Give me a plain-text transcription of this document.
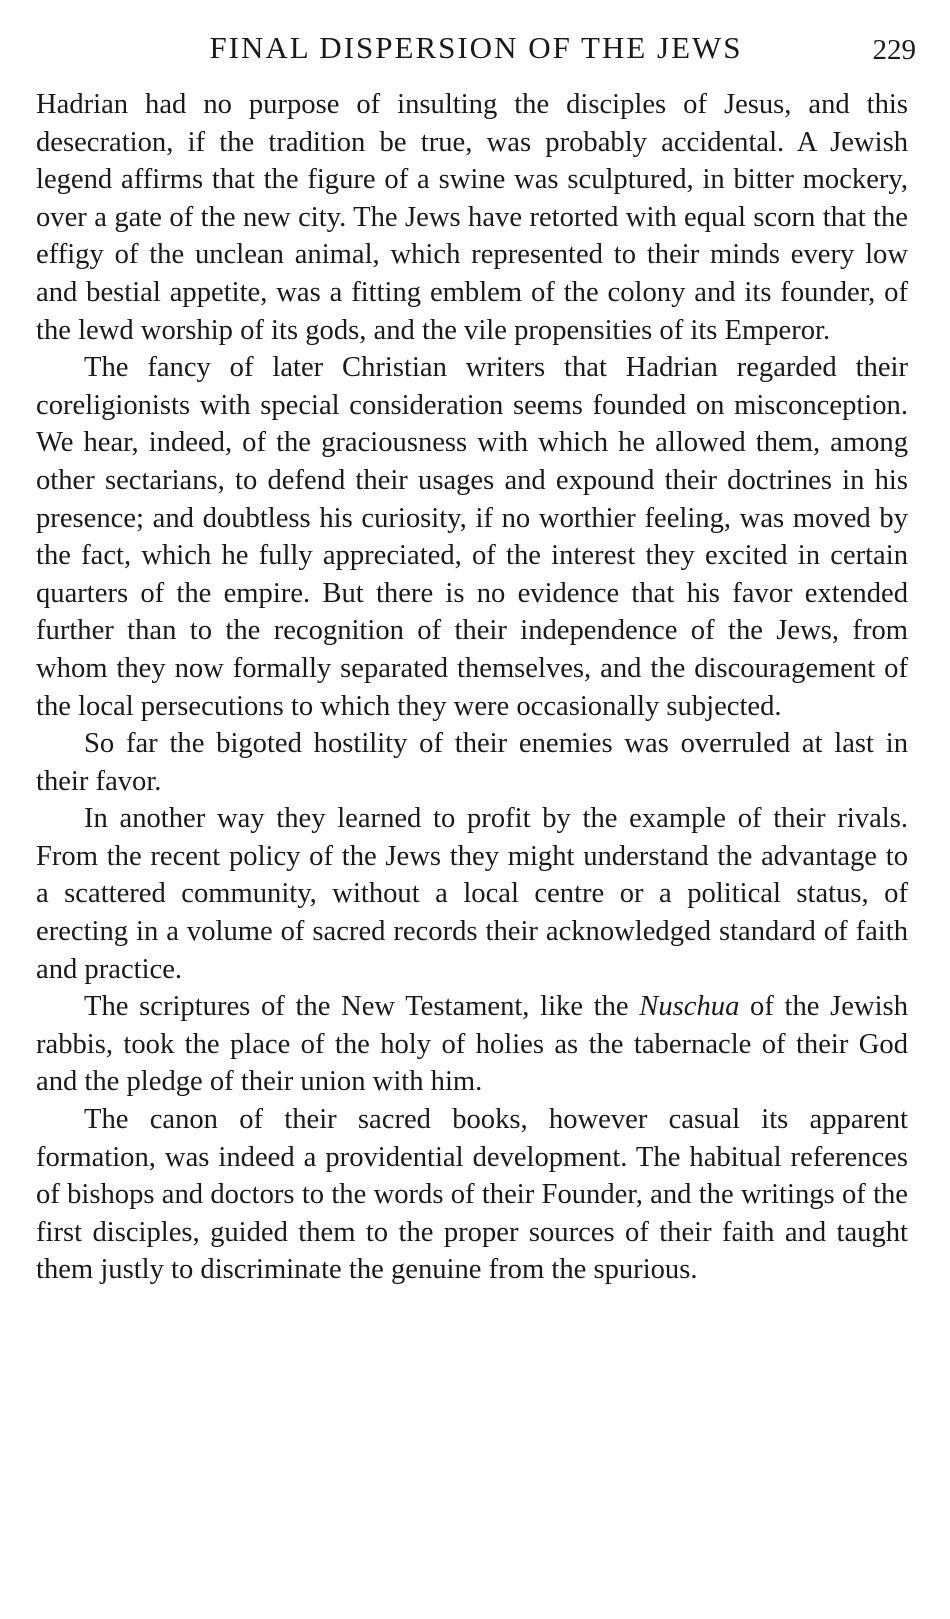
FINAL DISPERSION OF THE JEWS	229

Hadrian had no purpose of insulting the disciples of Jesus, and this desecration, if the tradition be true, was probably accidental. A Jewish legend affirms that the figure of a swine was sculptured, in bitter mockery, over a gate of the new city. The Jews have retorted with equal scorn that the effigy of the unclean animal, which represented to their minds every low and bestial appetite, was a fitting emblem of the colony and its founder, of the lewd worship of its gods, and the vile propensities of its Emperor.

The fancy of later Christian writers that Hadrian regarded their coreligionists with special consideration seems founded on misconception. We hear, indeed, of the graciousness with which he allowed them, among other sectarians, to defend their usages and expound their doctrines in his presence; and doubtless his curiosity, if no worthier feeling, was moved by the fact, which he fully appreciated, of the interest they excited in certain quarters of the empire. But there is no evidence that his favor extended further than to the recognition of their independence of the Jews, from whom they now formally separated themselves, and the discouragement of the local persecutions to which they were occasionally subjected.

So far the bigoted hostility of their enemies was overruled at last in their favor.

In another way they learned to profit by the example of their rivals. From the recent policy of the Jews they might understand the advantage to a scattered community, without a local centre or a political status, of erecting in a volume of sacred records their acknowledged standard of faith and practice.

The scriptures of the New Testament, like the Nuschua of the Jewish rabbis, took the place of the holy of holies as the tabernacle of their God and the pledge of their union with him.

The canon of their sacred books, however casual its apparent formation, was indeed a providential development. The habitual references of bishops and doctors to the words of their Founder, and the writings of the first disciples, guided them to the proper sources of their faith and taught them justly to discriminate the genuine from the spurious.
